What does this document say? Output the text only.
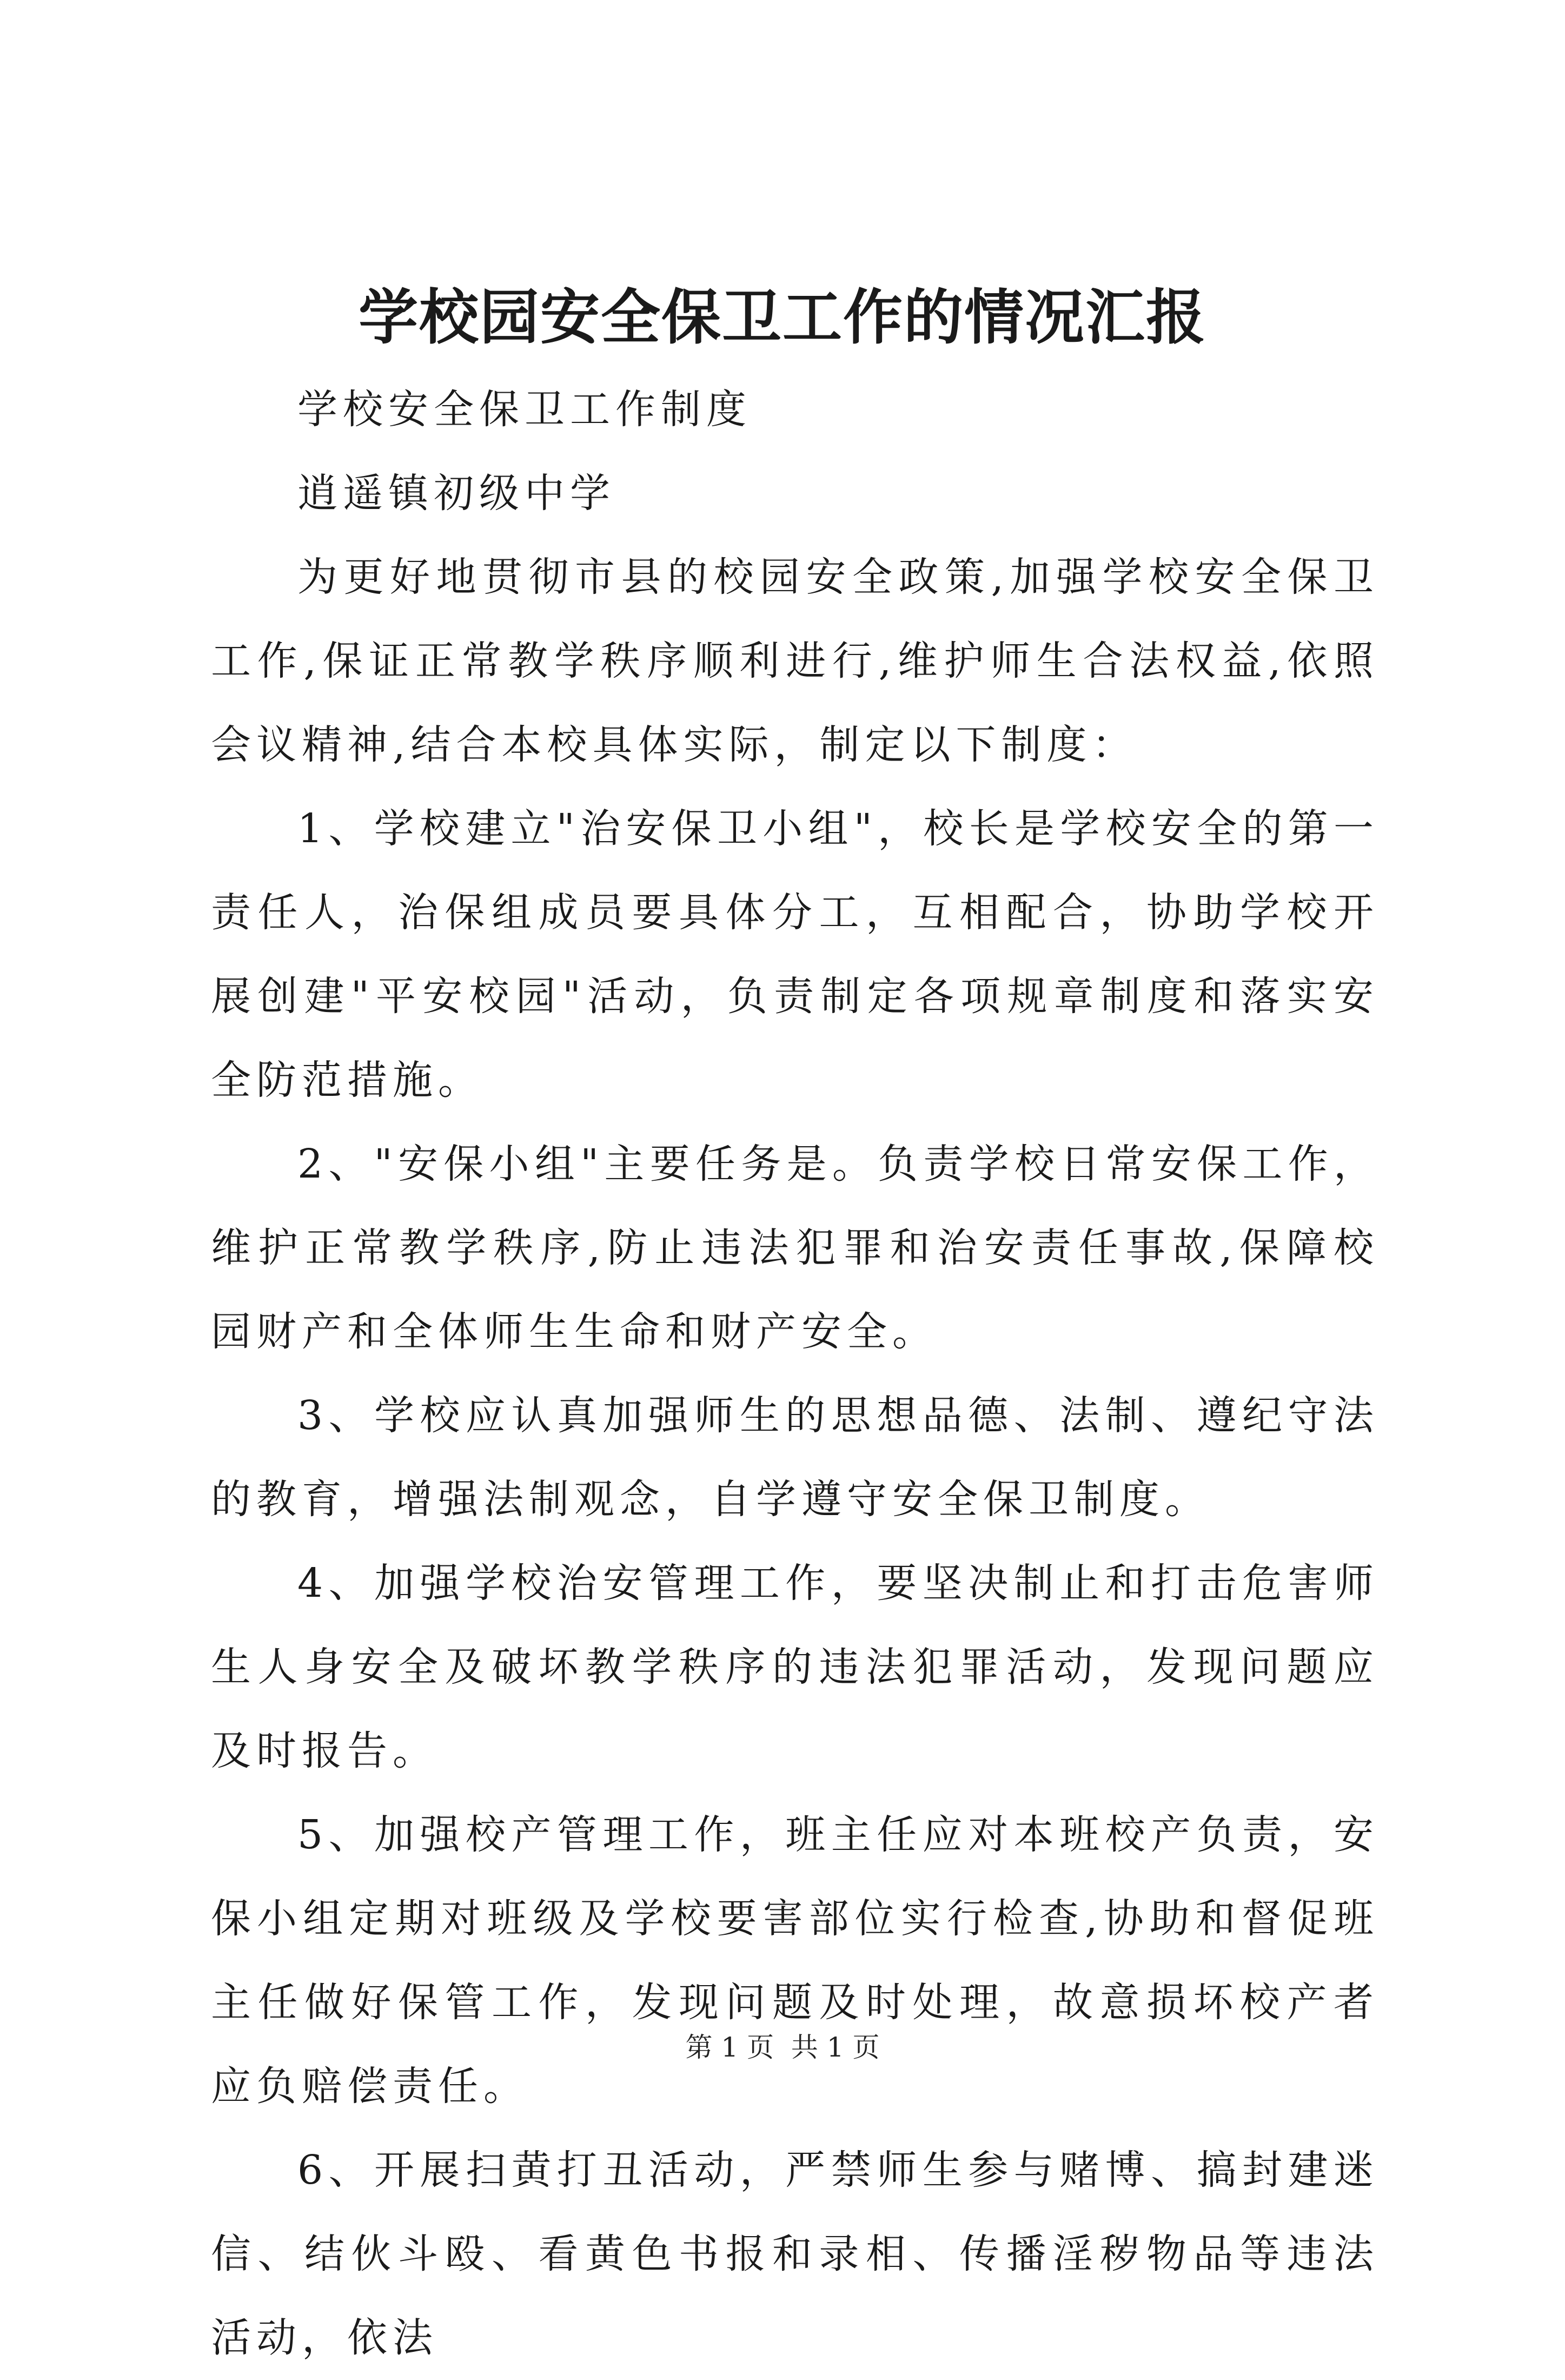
学校园安全保卫工作的情况汇报

学校安全保卫工作制度

逍遥镇初级中学

为更好地贯彻市县的校园安全政策,加强学校安全保卫工作,保证正常教学秩序顺利进行,维护师生合法权益,依照会议精神,结合本校具体实际，制定以下制度：

1、学校建立"治安保卫小组"，校长是学校安全的第一责任人，治保组成员要具体分工，互相配合，协助学校开展创建"平安校园"活动，负责制定各项规章制度和落实安全防范措施。

2、"安保小组"主要任务是。负责学校日常安保工作，维护正常教学秩序,防止违法犯罪和治安责任事故,保障校园财产和全体师生生命和财产安全。

3、学校应认真加强师生的思想品德、法制、遵纪守法的教育，增强法制观念，自学遵守安全保卫制度。

4、加强学校治安管理工作，要坚决制止和打击危害师生人身安全及破坏教学秩序的违法犯罪活动，发现问题应及时报告。

5、加强校产管理工作，班主任应对本班校产负责，安保小组定期对班级及学校要害部位实行检查,协助和督促班主任做好保管工作，发现问题及时处理，故意损坏校产者应负赔偿责任。

6、开展扫黄打丑活动，严禁师生参与赌博、搞封建迷信、结伙斗殴、看黄色书报和录相、传播淫秽物品等违法活动，依法

第 1 页  共 1 页
